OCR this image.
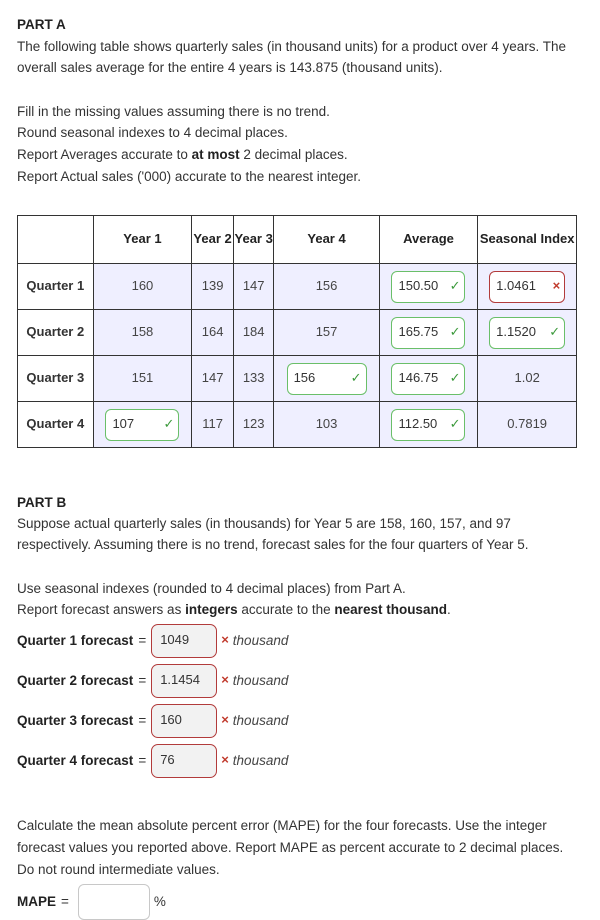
PART A

The following table shows quarterly sales (in thousand units) for a product over 4 years. The overall sales average for the entire 4 years is 143.875 (thousand units).

Fill in the missing values assuming there is no trend.

Round seasonal indexes to 4 decimal places.

Report Averages accurate to at most 2 decimal places.

Report Actual sales ('000) accurate to the nearest integer.

	Year 1	Year 2	Year 3	Year 4	Average	Seasonal Index
Quarter 1	160	139	147	156	150.50 ✓	1.0461 ×

Quarter 2	158	164	184	157	165.75 ✓	1.1520 ✓

Quarter 3	151	147	133	156 ✓	146.75 ✓	1.02
Quarter 4	107 ✓	117	123	103	112.50 ✓	0.7819
PART B

Suppose actual quarterly sales (in thousands) for Year 5 are 158, 160, 157, and 97 respectively. Assuming there is no trend, forecast sales for the four quarters of Year 5.

Use seasonal indexes (rounded to 4 decimal places) from Part A.

Report forecast answers as integers accurate to the nearest thousand.

Quarter 1 forecast =	1049	× thousand
Quarter 2 forecast =	1.1454	× thousand
Quarter 3 forecast =	160	× thousand
Quarter 4 forecast =	76	× thousand

Calculate the mean absolute percent error (MAPE) for the four forecasts. Use the integer forecast values you reported above. Report MAPE as percent accurate to 2 decimal places. Do not round intermediate values.

MAPE =	%
